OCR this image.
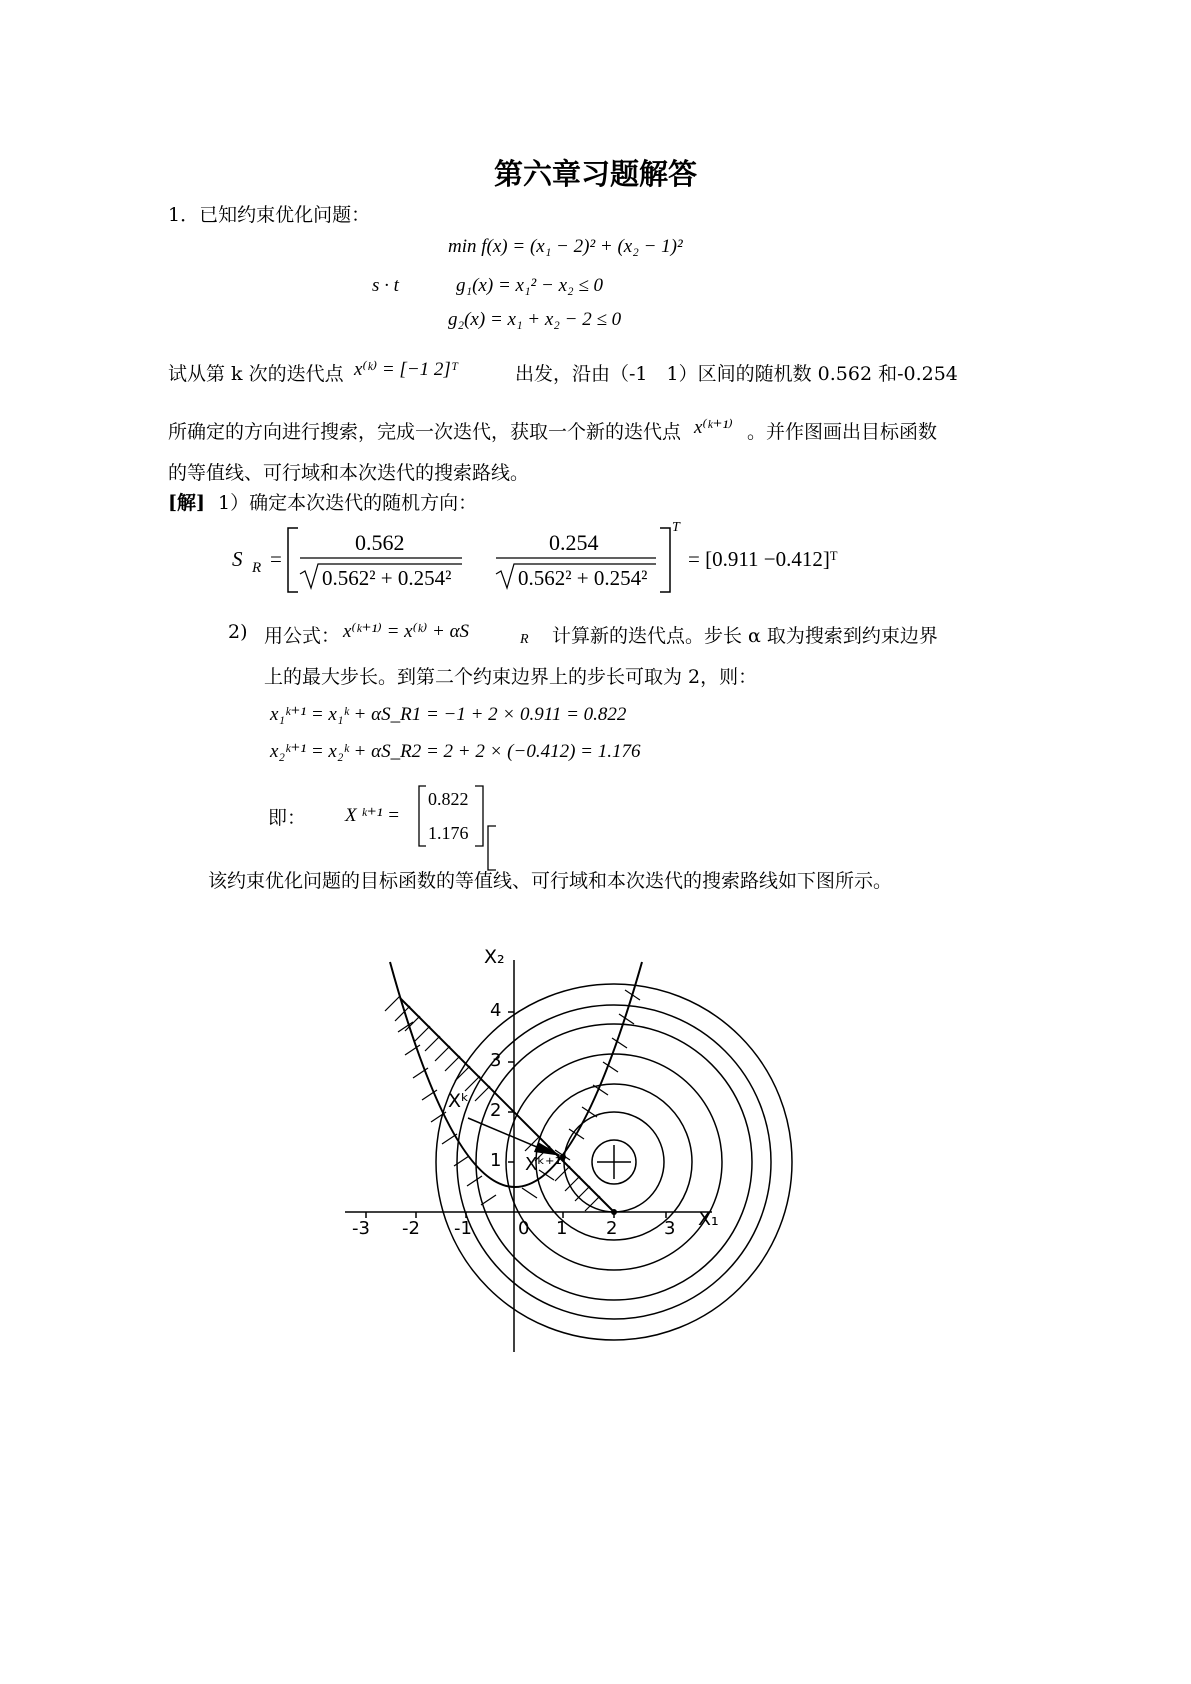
第六章习题解答
1．已知约束优化问题：
min f(x) = (x₁ − 2)² + (x₂ − 1)²
s · t	g₁(x) = x₁² − x₂ ≤ 0
g₂(x) = x₁ + x₂ − 2 ≤ 0
试从第 k 次的迭代点 x⁽ᵏ⁾ = [−1 2]ᵀ	出发，沿由（-1　1）区间的随机数 0.562 和-0.254
所确定的方向进行搜索，完成一次迭代，获取一个新的迭代点 x⁽ᵏ⁺¹⁾ 。并作图画出目标函数
的等值线、可行域和本次迭代的搜索路线。
[解] 1）确定本次迭代的随机方向：
S R =
0.562
0.562² + 0.254²
0.254
0.562² + 0.254²
T
= [0.911 −0.412]ᵀ
2) 用公式： x⁽ᵏ⁺¹⁾ = x⁽ᵏ⁾ + αS	R 计算新的迭代点。步长 α 取为搜索到约束边界
上的最大步长。到第二个约束边界上的步长可取为 2，则：
x₁ᵏ⁺¹ = x₁ᵏ + αS_R1 = −1 + 2 × 0.911 = 0.822
x₂ᵏ⁺¹ = x₂ᵏ + αS_R2 = 2 + 2 × (−0.412) = 1.176
即： X ᵏ⁺¹ =
0.822
1.176
该约束优化问题的目标函数的等值线、可行域和本次迭代的搜索路线如下图所示。
-3 -2 -1	0 1 2	3 X₁
1
2
3
4
X₂
Xᵏ
Xᵏ⁺¹
